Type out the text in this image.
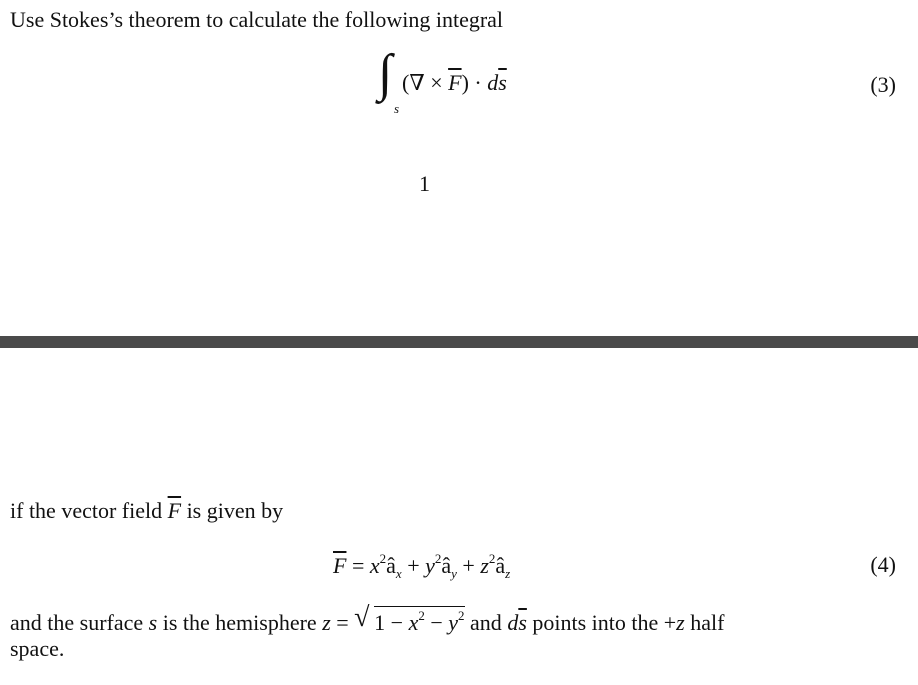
Use Stokes’s theorem to calculate the following integral
∫
s
(∇ × $\overline{F}) \cdot d\overline{s}$	(3)
1
if the vector field $\overline{F}$ is given by
$\overline{F}$ = $x^2â_x$ + $y^2â_y$ + $z^2â_z$	(4)
and the surface s is the hemisphere z = √ $1 - x^2 - y^2$ and $d\overline{s}$ points into the +z half
space.
